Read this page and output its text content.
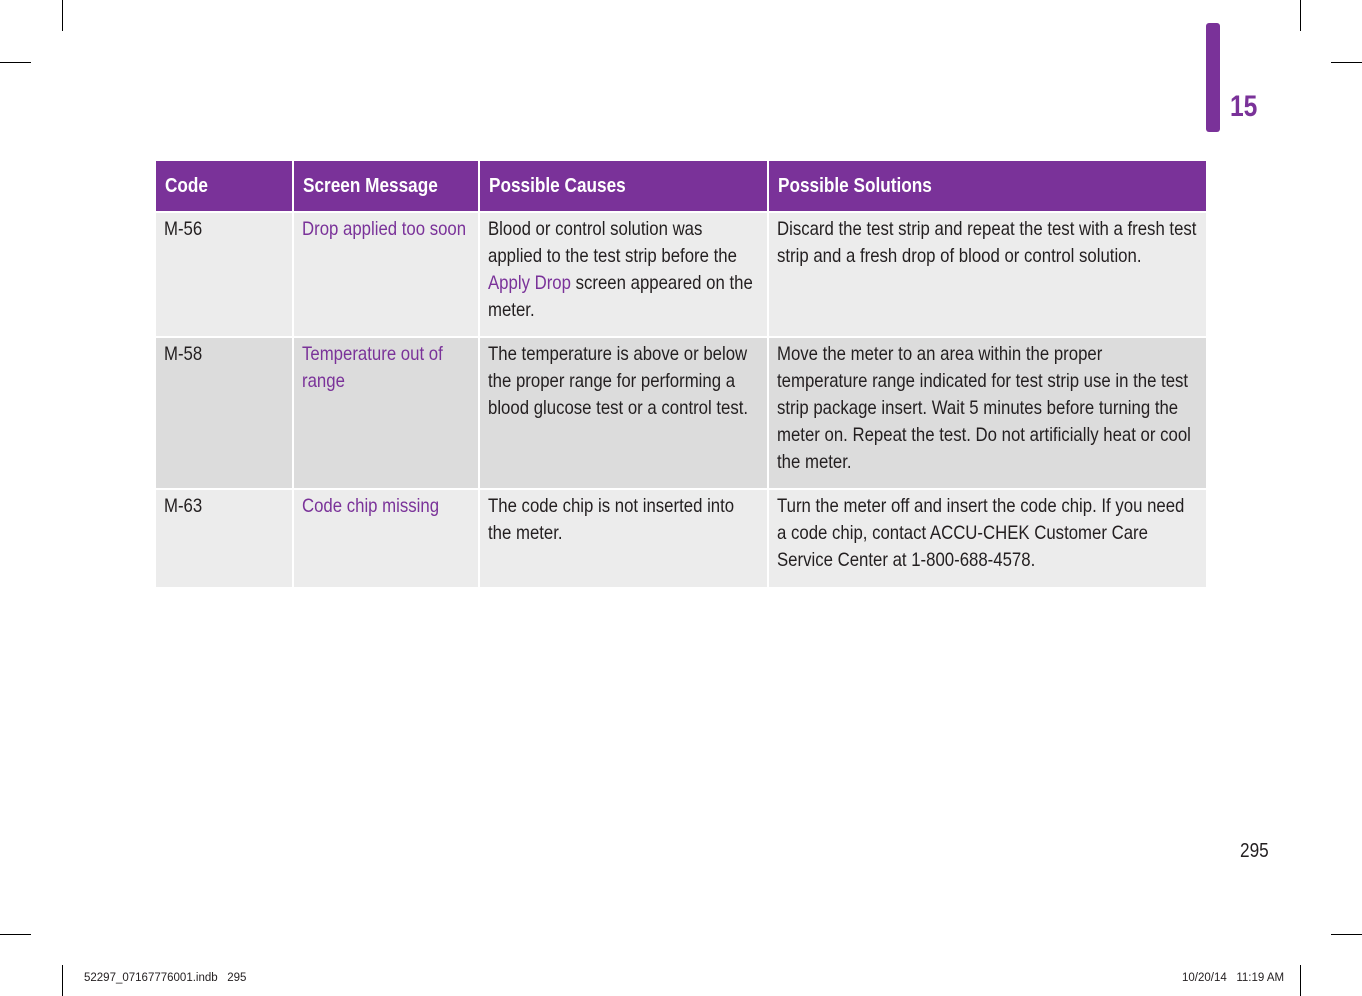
15
Code	Screen Message	Possible Causes	Possible Solutions

M-56	Drop applied too soon	Blood or control solution was applied to the test strip before the Apply Drop screen appeared on the meter.	Discard the test strip and repeat the test with a fresh test strip and a fresh drop of blood or control solution.

M-58	Temperature out of range	The temperature is above or below the proper range for performing a blood glucose test or a control test.	Move the meter to an area within the proper temperature range indicated for test strip use in the test strip package insert. Wait 5 minutes before turning the meter on. Repeat the test. Do not artificially heat or cool the meter.

M-63	Code chip missing	The code chip is not inserted into the meter.	Turn the meter off and insert the code chip. If you need a code chip, contact ACCU-CHEK Customer Care Service Center at 1-800-688-4578.
295
52297_07167776001.indb   295	10/20/14   11:19 AM
